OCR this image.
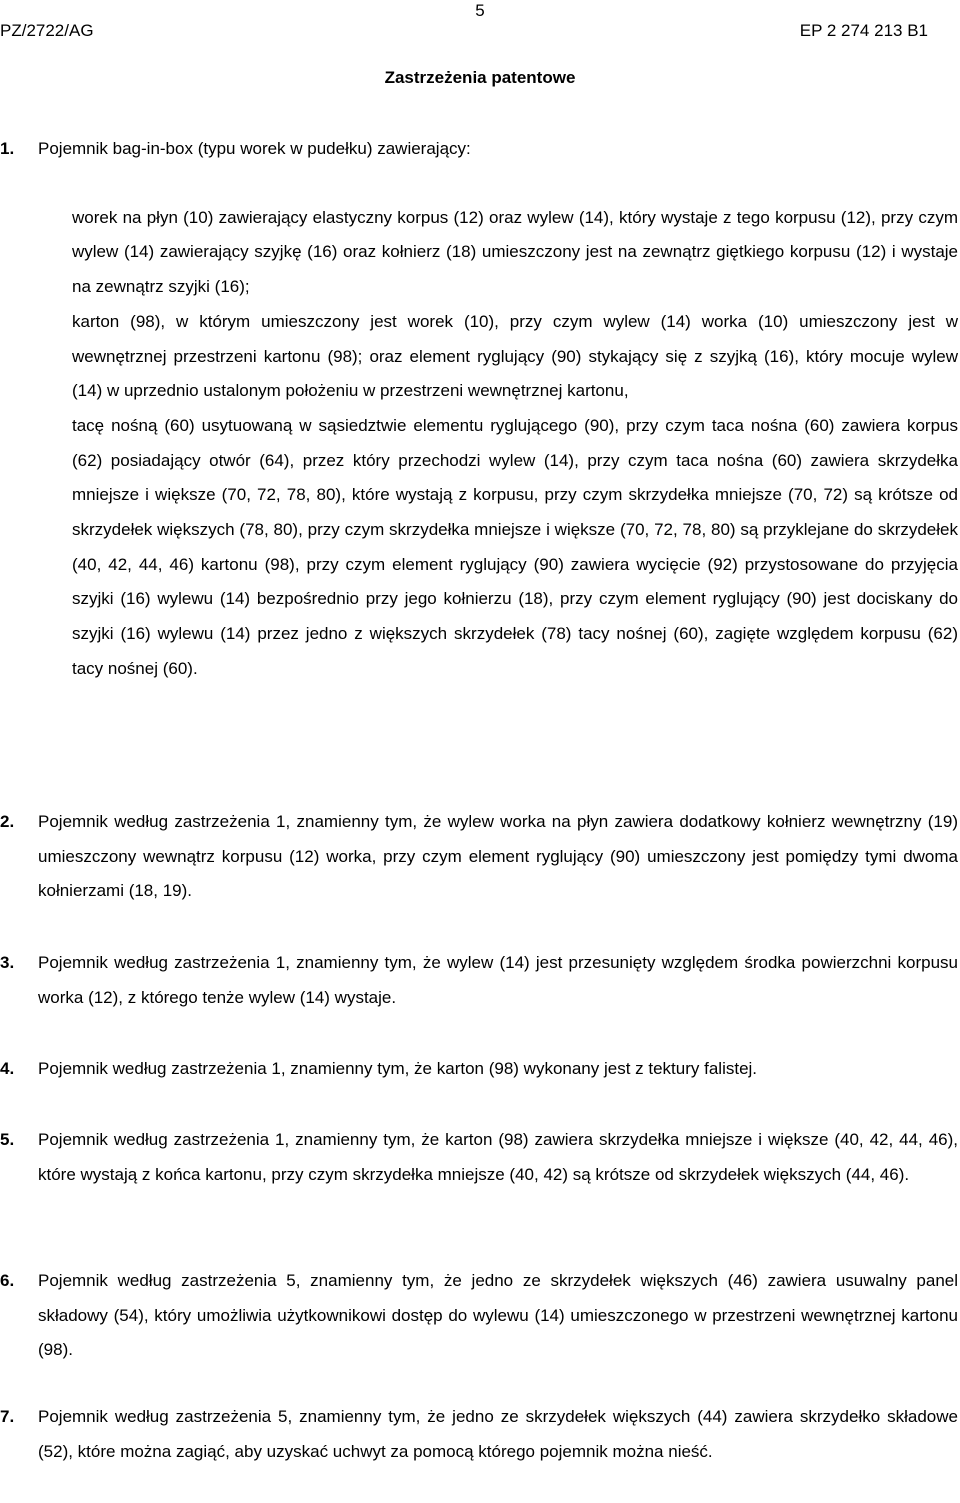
5
PZ/2722/AG	EP 2 274 213 B1
Zastrzeżenia patentowe
1. Pojemnik bag-in-box (typu worek w pudełku) zawierający:

worek na płyn (10) zawierający elastyczny korpus (12) oraz wylew (14), który wystaje z tego korpusu (12), przy czym wylew (14) zawierający szyjkę (16) oraz kołnierz (18) umieszczony jest na zewnątrz giętkiego korpusu (12) i wystaje na zewnątrz szyjki (16);

karton (98), w którym umieszczony jest worek (10), przy czym wylew (14) worka (10) umieszczony jest w wewnętrznej przestrzeni kartonu (98); oraz element ryglujący (90) stykający się z szyjką (16), który mocuje wylew (14) w uprzednio ustalonym położeniu w przestrzeni wewnętrznej kartonu,

tacę nośną (60) usytuowaną w sąsiedztwie elementu ryglującego (90), przy czym taca nośna (60) zawiera korpus (62) posiadający otwór (64), przez który przechodzi wylew (14), przy czym taca nośna (60) zawiera skrzydełka mniejsze i większe (70, 72, 78, 80), które wystają z korpusu, przy czym skrzydełka mniejsze (70, 72) są krótsze od skrzydełek większych (78, 80), przy czym skrzydełka mniejsze i większe (70, 72, 78, 80) są przyklejane do skrzydełek (40, 42, 44, 46) kartonu (98), przy czym element ryglujący (90) zawiera wycięcie (92) przystosowane do przyjęcia szyjki (16) wylewu (14) bezpośrednio przy jego kołnierzu (18), przy czym element ryglujący (90) jest dociskany do szyjki (16) wylewu (14) przez jedno z większych skrzydełek (78) tacy nośnej (60), zagięte względem korpusu (62) tacy nośnej (60).

2. Pojemnik według zastrzeżenia 1, znamienny tym, że wylew worka na płyn zawiera dodatkowy kołnierz wewnętrzny (19) umieszczony wewnątrz korpusu (12) worka, przy czym element ryglujący (90) umieszczony jest pomiędzy tymi dwoma kołnierzami (18, 19).
3. Pojemnik według zastrzeżenia 1, znamienny tym, że wylew (14) jest przesunięty względem środka powierzchni korpusu worka (12), z którego tenże wylew (14) wystaje.
4. Pojemnik według zastrzeżenia 1, znamienny tym, że karton (98) wykonany jest z tektury falistej.
5. Pojemnik według zastrzeżenia 1, znamienny tym, że karton (98) zawiera skrzydełka mniejsze i większe (40, 42, 44, 46), które wystają z końca kartonu, przy czym skrzydełka mniejsze (40, 42) są krótsze od skrzydełek większych (44, 46).
6. Pojemnik według zastrzeżenia 5, znamienny tym, że jedno ze skrzydełek większych (46) zawiera usuwalny panel składowy (54), który umożliwia użytkownikowi dostęp do wylewu (14) umieszczonego w przestrzeni wewnętrznej kartonu (98).
7. Pojemnik według zastrzeżenia 5, znamienny tym, że jedno ze skrzydełek większych (44) zawiera skrzydełko składowe (52), które można zagiąć, aby uzyskać uchwyt za pomocą którego pojemnik można nieść.
